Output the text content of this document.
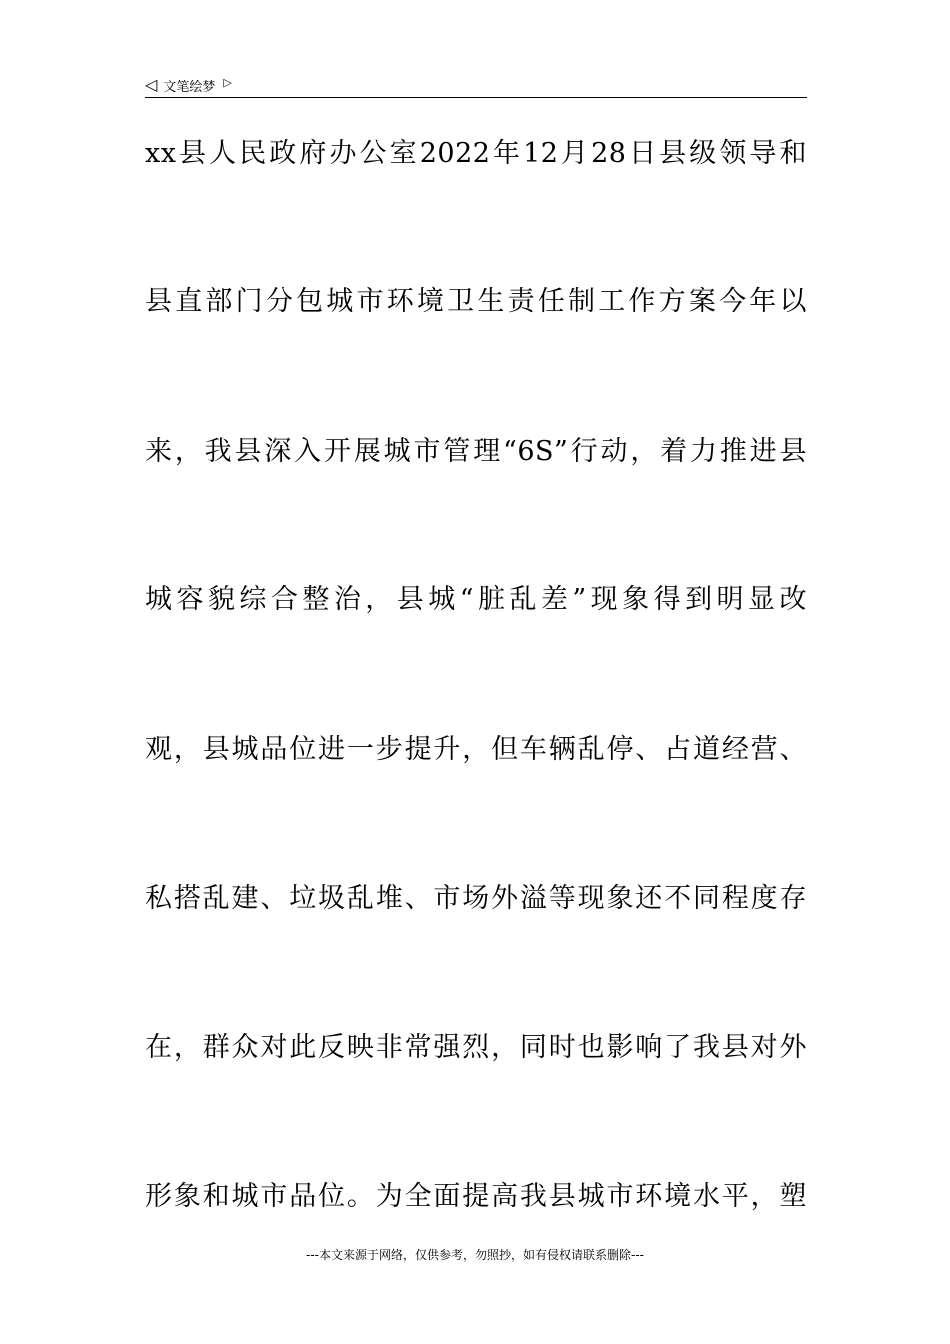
◁ 文笔绘梦 ▷
xx县人民政府办公室2022年12月28日县级领导和
县直部门分包城市环境卫生责任制工作方案今年以
来，我县深入开展城市管理“6S”行动，着力推进县
城容貌综合整治，县城“脏乱差”现象得到明显改
观，县城品位进一步提升，但车辆乱停、占道经营、
私搭乱建、垃圾乱堆、市场外溢等现象还不同程度存
在，群众对此反映非常强烈，同时也影响了我县对外
形象和城市品位。为全面提高我县城市环境水平，塑
---本文来源于网络，仅供参考，勿照抄，如有侵权请联系删除---
